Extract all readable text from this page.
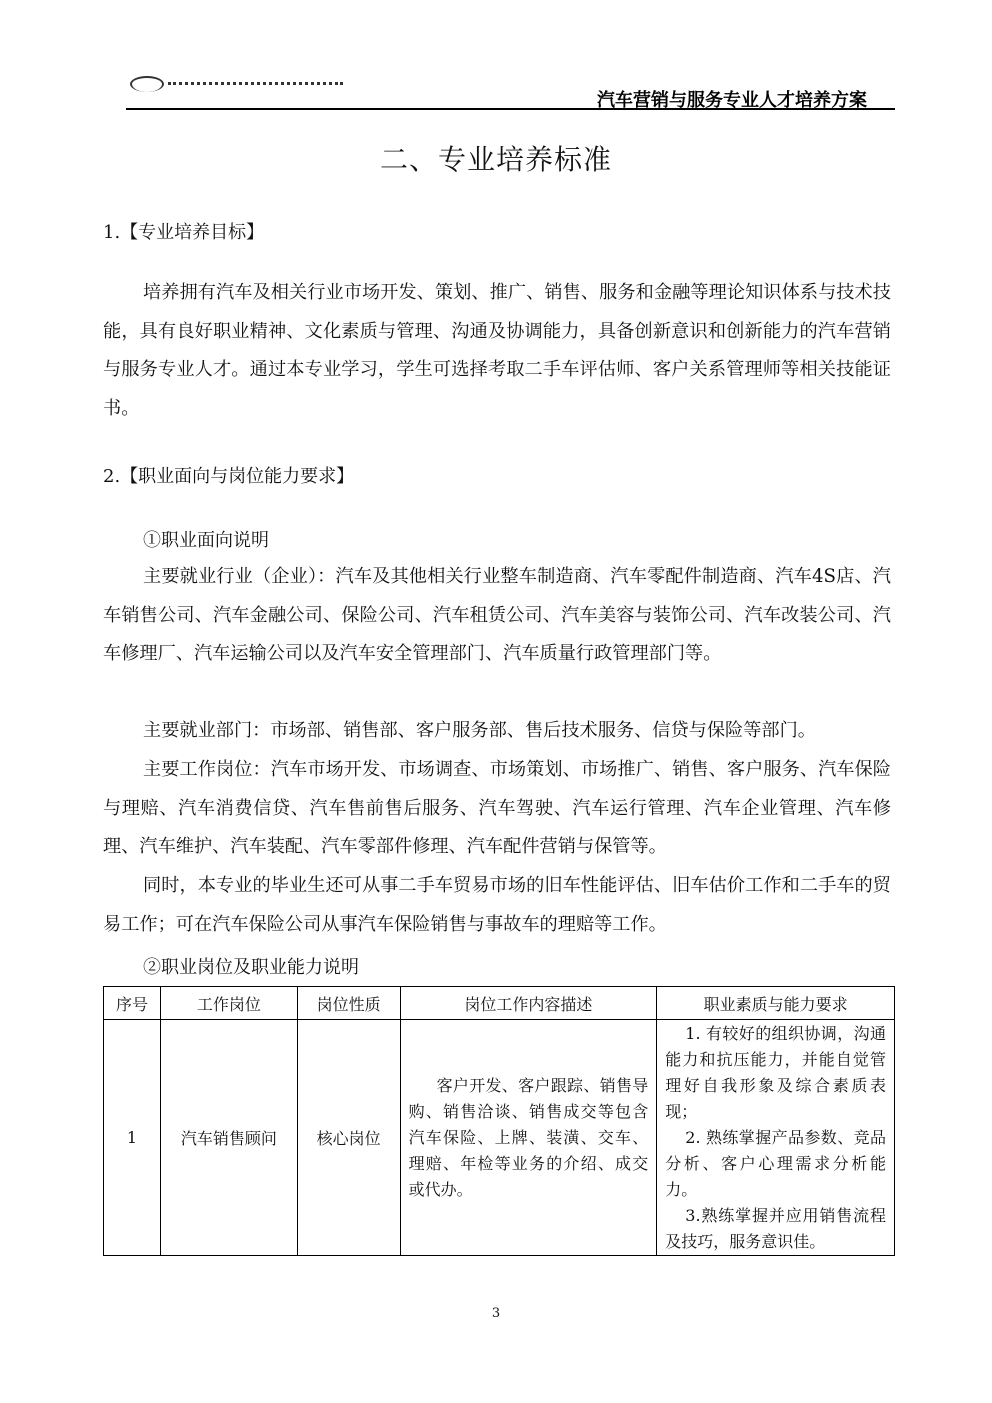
汽车营销与服务专业人才培养方案
二、专业培养标准
1.【专业培养目标】
培养拥有汽车及相关行业市场开发、策划、推广、销售、服务和金融等理论知识体系与技术技能，具有良好职业精神、文化素质与管理、沟通及协调能力，具备创新意识和创新能力的汽车营销与服务专业人才。通过本专业学习，学生可选择考取二手车评估师、客户关系管理师等相关技能证书。
2.【职业面向与岗位能力要求】
①职业面向说明
主要就业行业（企业）：汽车及其他相关行业整车制造商、汽车零配件制造商、汽车4S店、汽车销售公司、汽车金融公司、保险公司、汽车租赁公司、汽车美容与装饰公司、汽车改装公司、汽车修理厂、汽车运输公司以及汽车安全管理部门、汽车质量行政管理部门等。
主要就业部门：市场部、销售部、客户服务部、售后技术服务、信贷与保险等部门。
主要工作岗位：汽车市场开发、市场调查、市场策划、市场推广、销售、客户服务、汽车保险与理赔、汽车消费信贷、汽车售前售后服务、汽车驾驶、汽车运行管理、汽车企业管理、汽车修理、汽车维护、汽车装配、汽车零部件修理、汽车配件营销与保管等。
同时，本专业的毕业生还可从事二手车贸易市场的旧车性能评估、旧车估价工作和二手车的贸易工作；可在汽车保险公司从事汽车保险销售与事故车的理赔等工作。
②职业岗位及职业能力说明
序号	工作岗位	岗位性质	岗位工作内容描述	职业素质与能力要求
1	汽车销售顾问	核心岗位	客户开发、客户跟踪、销售导购、销售洽谈、销售成交等包含汽车保险、上牌、装潢、交车、理赔、年检等业务的介绍、成交或代办。	1. 有较好的组织协调，沟通能力和抗压能力，并能自觉管理好自我形象及综合素质表现；

2. 熟练掌握产品参数、竞品分析、客户心理需求分析能力。

3.熟练掌握并应用销售流程及技巧，服务意识佳。

3
